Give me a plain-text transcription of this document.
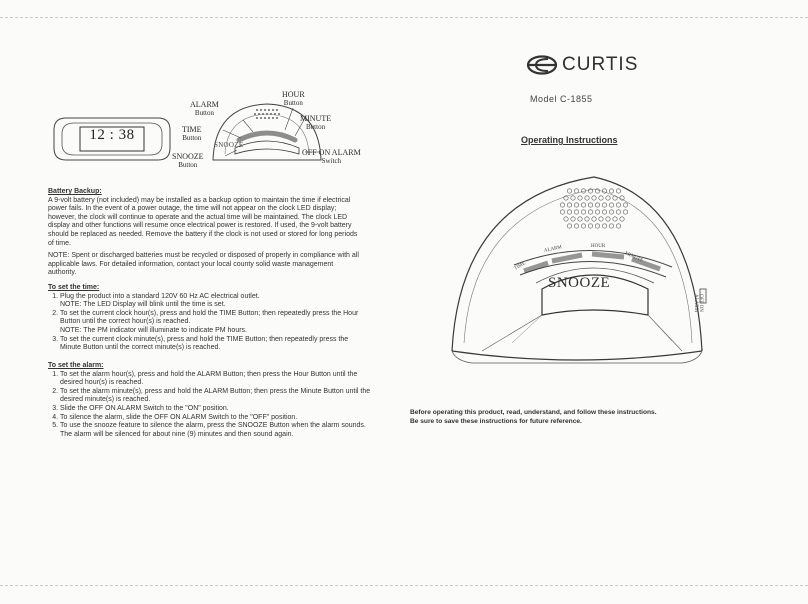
12 : 38
SNOOZE
ALARM
Button
HOUR
Button
MINUTE
Button
TIME
Button
SNOOZE
Button
OFF ON ALARM
Switch
Battery Backup:
A 9-volt battery (not included) may be installed as a backup option to maintain the time if electrical power fails. In the event of a power outage, the time will not appear on the clock LED display; however, the clock will continue to operate and the actual time will be maintained. The clock LED display and other functions will resume once electrical power is restored. If used, the 9-volt battery should be replaced as needed. Remove the battery if the clock is not used or stored for long periods of time.
NOTE: Spent or discharged batteries must be recycled or disposed of properly in compliance with all applicable laws. For detailed information, contact your local county solid waste management authority.
To set the time:
1. Plug the product into a standard 120V 60 Hz AC electrical outlet.
NOTE: The LED Display will blink until the time is set.
2. To set the current clock hour(s), press and hold the TIME Button; then repeatedly press the Hour Button until the correct hour(s) is reached.
NOTE: The PM indicator will illuminate to indicate PM hours.
3. To set the current clock minute(s), press and hold the TIME Button; then repeatedly press the Minute Button until the correct minute(s) is reached.
To set the alarm:
1. To set the alarm hour(s), press and hold the ALARM Button; then press the Hour Button until the desired hour(s) is reached.
2. To set the alarm minute(s), press and hold the ALARM Button; then press the Minute Button until the desired minute(s) is reached.
3. Slide the OFF ON ALARM Switch to the "ON" position.
4. To silence the alarm, slide the OFF ON ALARM Switch to the "OFF" position.
5. To use the snooze feature to silence the alarm, press the SNOOZE Button when the alarm sounds. The alarm will be silenced for about nine (9) minutes and then sound again.
CURTIS
Model C-1855
Operating Instructions
SNOOZE
TIME
ALARM	HOUR
MINUTE
OFF ON ALARM
Before operating this product, read, understand, and follow these instructions.
Be sure to save these instructions for future reference.
